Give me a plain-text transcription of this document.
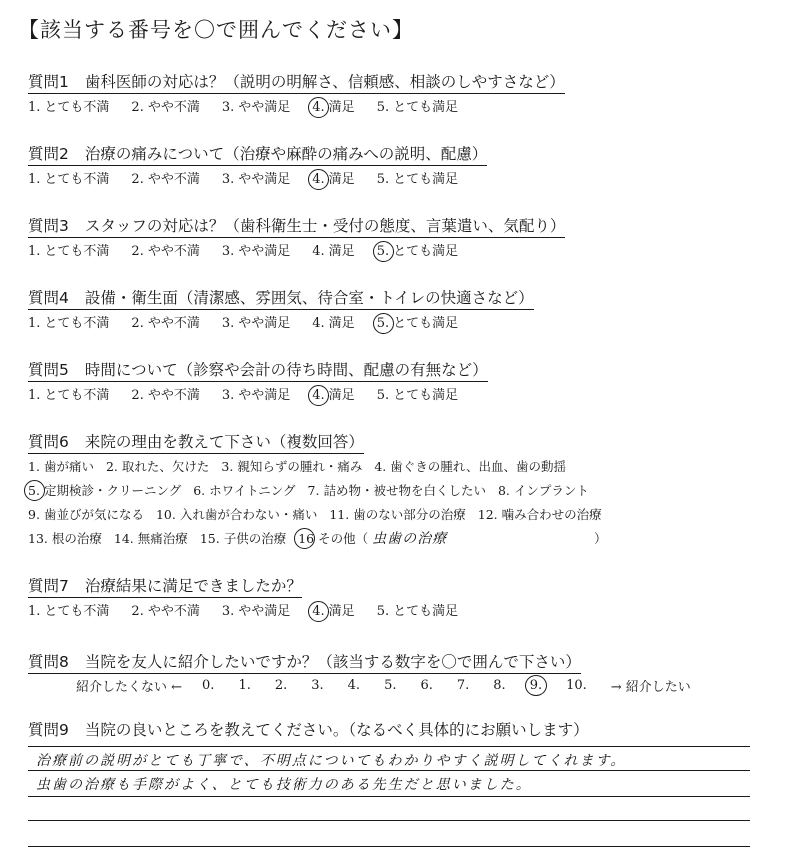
【該当する番号を〇で囲んでください】
質問1 歯科医師の対応は？（説明の明解さ、信頼感、相談のしやすさなど）
1. とても不満 2. やや不満 3. やや満足 4. 満足 5. とても満足
質問2 治療の痛みについて（治療や麻酔の痛みへの説明、配慮）
1. とても不満 2. やや不満 3. やや満足 4. 満足 5. とても満足
質問3 スタッフの対応は？（歯科衛生士・受付の態度、言葉遣い、気配り）
1. とても不満 2. やや不満 3. やや満足 4. 満足 5. とても満足
質問4 設備・衛生面（清潔感、雰囲気、待合室・トイレの快適さなど）
1. とても不満 2. やや不満 3. やや満足 4. 満足 5. とても満足
質問5 時間について（診察や会計の待ち時間、配慮の有無など）
1. とても不満 2. やや不満 3. やや満足 4. 満足 5. とても満足
質問6 来院の理由を教えて下さい（複数回答）
1. 歯が痛い 2. 取れた、欠けた 3. 親知らずの腫れ・痛み 4. 歯ぐきの腫れ、出血、歯の動揺
5. 定期検診・クリーニング 6. ホワイトニング 7. 詰め物・被せ物を白くしたい 8. インプラント
9. 歯並びが気になる 10. 入れ歯が合わない・痛い 11. 歯のない部分の治療 12. 噛み合わせの治療
13. 根の治療 14. 無痛治療 15. 子供の治療 16 その他（ 虫歯の治療	）
質問7 治療結果に満足できましたか？
1. とても不満 2. やや不満 3. やや満足 4. 満足 5. とても満足
質問8 当院を友人に紹介したいですか？（該当する数字を〇で囲んで下さい）
紹介したくない ← 0.	1.	2.	3.	4.	5.	6.	7.	8.	9.	10.	→ 紹介したい
質問9 当院の良いところを教えてください。（なるべく具体的にお願いします）
治療前の説明がとても丁寧で、不明点についてもわかりやすく説明してくれます。
虫歯の治療も手際がよく、とても技術力のある先生だと思いました。
